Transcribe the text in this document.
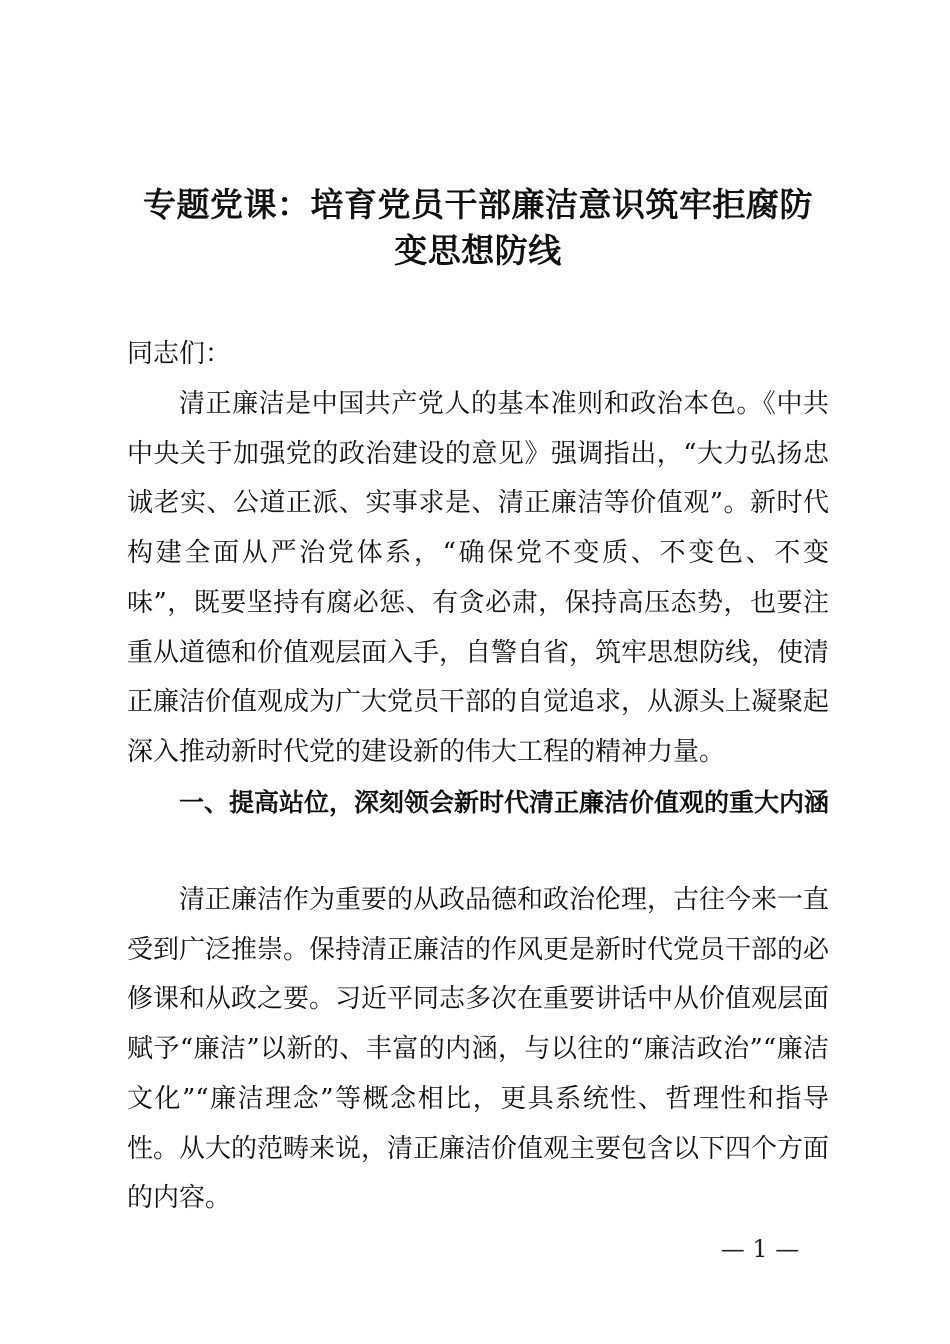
专题党课：培育党员干部廉洁意识筑牢拒腐防变思想防线

同志们：

清正廉洁是中国共产党人的基本准则和政治本色。《中共中央关于加强党的政治建设的意见》强调指出，“大力弘扬忠诚老实、公道正派、实事求是、清正廉洁等价值观”。新时代构建全面从严治党体系，“确保党不变质、不变色、不变味”，既要坚持有腐必惩、有贪必肃，保持高压态势，也要注重从道德和价值观层面入手，自警自省，筑牢思想防线，使清正廉洁价值观成为广大党员干部的自觉追求，从源头上凝聚起深入推动新时代党的建设新的伟大工程的精神力量。

一、提高站位，深刻领会新时代清正廉洁价值观的重大内涵

清正廉洁作为重要的从政品德和政治伦理，古往今来一直受到广泛推崇。保持清正廉洁的作风更是新时代党员干部的必修课和从政之要。习近平同志多次在重要讲话中从价值观层面赋予“廉洁”以新的、丰富的内涵，与以往的“廉洁政治”“廉洁文化”“廉洁理念”等概念相比，更具系统性、哲理性和指导性。从大的范畴来说，清正廉洁价值观主要包含以下四个方面的内容。

— 1 —
